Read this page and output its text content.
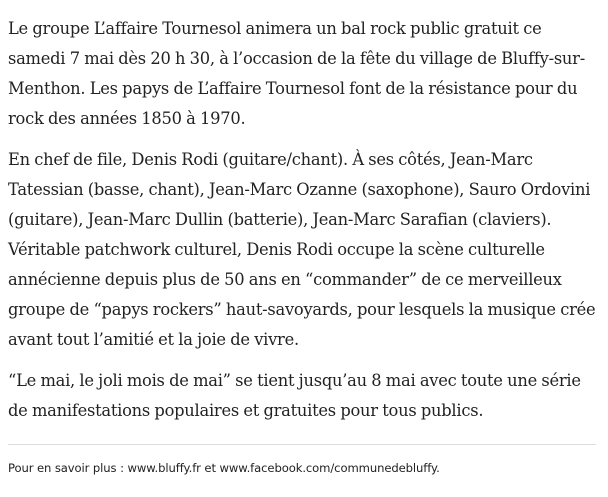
Le groupe L’affaire Tournesol animera un bal rock public gratuit ce samedi 7 mai dès 20 h 30, à l’occasion de la fête du village de Bluffy-sur-Menthon. Les papys de L’affaire Tournesol font de la résistance pour du rock des années 1850 à 1970.

En chef de file, Denis Rodi (guitare/chant). À ses côtés, Jean-Marc Tatessian (basse, chant), Jean-Marc Ozanne (saxophone), Sauro Ordovini (guitare), Jean-Marc Dullin (batterie), Jean-Marc Sarafian (claviers). Véritable patchwork culturel, Denis Rodi occupe la scène culturelle annécienne depuis plus de 50 ans en “commander” de ce merveilleux groupe de “papys rockers” haut-savoyards, pour lesquels la musique crée avant tout l’amitié et la joie de vivre.

“Le mai, le joli mois de mai” se tient jusqu’au 8 mai avec toute une série de manifestations populaires et gratuites pour tous publics.

Pour en savoir plus : www.bluffy.fr et www.facebook.com/communedebluffy.
